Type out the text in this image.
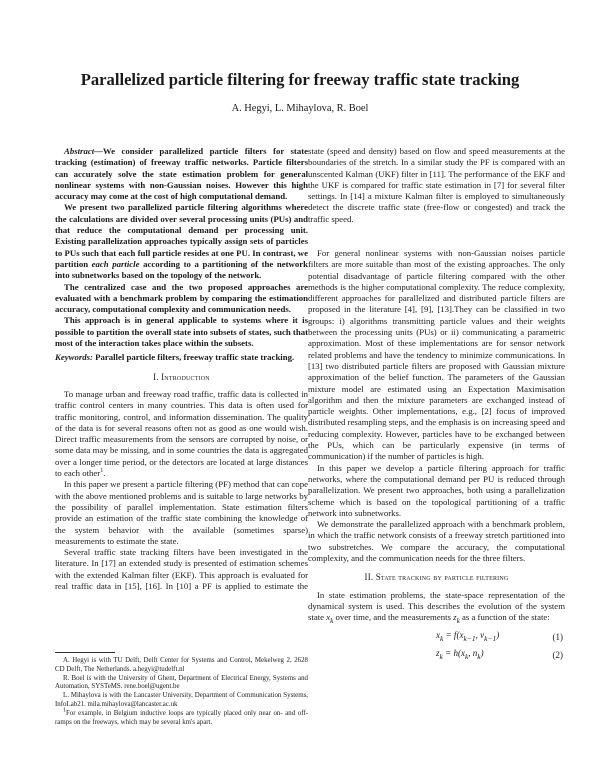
Parallelized particle filtering for freeway traffic state tracking
A. Hegyi, L. Mihaylova, R. Boel

Abstract—We consider parallelized particle filters for state tracking (estimation) of freeway traffic networks. Particle filters can accurately solve the state estimation problem for general nonlinear systems with non-Gaussian noises. However this high accuracy may come at the cost of high computational demand.

We present two parallelized particle filtering algorithms where the calculations are divided over several processing units (PUs) and that reduce the computational demand per processing unit. Existing parallelization approaches typically assign sets of particles to PUs such that each full particle resides at one PU. In contrast, we partition each particle according to a partitioning of the network into subnetworks based on the topology of the network.

The centralized case and the two proposed approaches are evaluated with a benchmark problem by comparing the estimation accuracy, computational complexity and communication needs.

This approach is in general applicable to systems where it is possible to partition the overall state into subsets of states, such that most of the interaction takes place within the subsets.

Keywords: Parallel particle filters, freeway traffic state tracking.

I. Introduction

To manage urban and freeway road traffic, traffic data is collected in traffic control centers in many countries. This data is often used for traffic monitoring, control, and information dissemination. The quality of the data is for several reasons often not as good as one would wish. Direct traffic measurements from the sensors are corrupted by noise, or some data may be missing, and in some countries the data is aggregated over a longer time period, or the detectors are located at large distances to each other$^1$.

In this paper we present a particle filtering (PF) method that can cope with the above mentioned problems and is suitable to large networks by the possibility of parallel implementation. State estimation filters provide an estimation of the traffic state combining the knowledge of the system behavior with the available (sometimes sparse) measurements to estimate the state.

Several traffic state tracking filters have been investigated in the literature. In [17] an extended study is presented of estimation schemes with the extended Kalman filter (EKF). This approach is evaluated for real traffic data in [15], [16]. In [10] a PF is applied to estimate the

state (speed and density) based on flow and speed measurements at the boundaries of the stretch. In a similar study the PF is compared with an unscented Kalman (UKF) filter in [11]. The performance of the EKF and the UKF is compared for traffic state estimation in [7] for several filter settings. In [14] a mixture Kalman filter is employed to simultaneously detect the discrete traffic state (free-flow or congested) and track the traffic speed.

For general nonlinear systems with non-Gaussian noises particle filters are more suitable than most of the existing approaches. The only potential disadvantage of particle filtering compared with the other methods is the higher computational complexity. The reduce complexity, different approaches for parallelized and distributed particle filters are proposed in the literature [4], [9], [13].They can be classified in two groups: i) algorithms transmitting particle values and their weights between the processing units (PUs) or ii) communicating a parametric approximation. Most of these implementations are for sensor network related problems and have the tendency to minimize communications. In [13] two distributed particle filters are proposed with Gaussian mixture approximation of the belief function. The parameters of the Gaussian mixture model are estimated using an Expectation Maximisation algorithm and then the mixture parameters are exchanged instead of particle weights. Other implementations, e.g., [2] focus of improved distributed resampling steps, and the emphasis is on increasing speed and reducing complexity. However, particles have to be exchanged between the PUs, which can be particularly expensive (in terms of communication) if the number of particles is high.

In this paper we develop a particle filtering approach for traffic networks, where the computational demand per PU is reduced through parallelization. We present two approaches, both using a parallelization scheme which is based on the topological partitioning of a traffic network into subnetworks.

We demonstrate the parallelized approach with a benchmark problem, in which the traffic network consists of a freeway stretch partitioned into two substretches. We compare the accuracy, the computational complexity, and the communication needs for the three filters.

II. State tracking by particle filtering

In state estimation problems, the state-space representation of the dynamical system is used. This describes the evolution of the system state $x_k$ over time, and the measurements $z_k$ as a function of the state:

$x_k = f(x_{k-1}$, $v_{k-1}$)	(1)
$z_k = h(x_k$, $n_k$)	(2)

A. Hegyi is with TU Delft, Delft Center for Systems and Control, Mekelweg 2, 2628 CD Delft, The Netherlands. a.hegyi@tudelft.nl

R. Boel is with the University of Ghent, Department of Electrical Energy, Systems and Automation, SYSTeMS. rene.boel@ugent.be

L. Mihaylova is with the Lancaster University, Department of Communication Systems, InfoLab21. mila.mihaylova@lancaster.ac.uk

$^1$For example, in Belgium inductive loops are typically placed only near on- and off-ramps on the freeways, which may be several km's apart.
